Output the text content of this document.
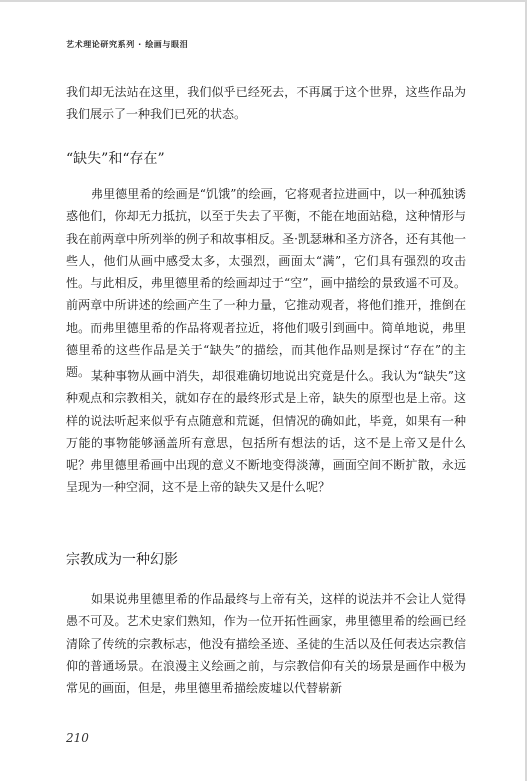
艺术理论研究系列 · 绘画与眼泪

我们却无法站在这里，我们似乎已经死去，不再属于这个世界，这些作品为我们展示了一种我们已死的状态。

“缺失”和“存在”

弗里德里希的绘画是“饥饿”的绘画，它将观者拉进画中，以一种孤独诱惑他们，你却无力抵抗，以至于失去了平衡，不能在地面站稳，这种情形与我在前两章中所列举的例子和故事相反。圣·凯瑟琳和圣方济各，还有其他一些人，他们从画中感受太多，太强烈，画面太“满”，它们具有强烈的攻击性。与此相反，弗里德里希的绘画却过于“空”，画中描绘的景致遥不可及。前两章中所讲述的绘画产生了一种力量，它推动观者，将他们推开，推倒在地。而弗里德里希的作品将观者拉近，将他们吸引到画中。简单地说，弗里德里希的这些作品是关于“缺失”的描绘，而其他作品则是探讨“存在”的主题。 某种事物从画中消失，却很难确切地说出究竟是什么。我认为“缺失”这种观点和宗教相关，就如存在的最终形式是上帝，缺失的原型也是上帝。这样的说法听起来似乎有点随意和荒诞，但情况的确如此，毕竟，如果有一种万能的事物能够涵盖所有意思，包括所有想法的话，这不是上帝又是什么呢？弗里德里希画中出现的意义不断地变得淡薄，画面空间不断扩散，永远呈现为一种空洞，这不是上帝的缺失又是什么呢？

宗教成为一种幻影

如果说弗里德里希的作品最终与上帝有关，这样的说法并不会让人觉得愚不可及。艺术史家们熟知，作为一位开拓性画家，弗里德里希的绘画已经清除了传统的宗教标志，他没有描绘圣迹、圣徒的生活以及任何表达宗教信仰的普通场景。在浪漫主义绘画之前，与宗教信仰有关的场景是画作中极为常见的画面，但是，弗里德里希描绘废墟以代替崭新

210
